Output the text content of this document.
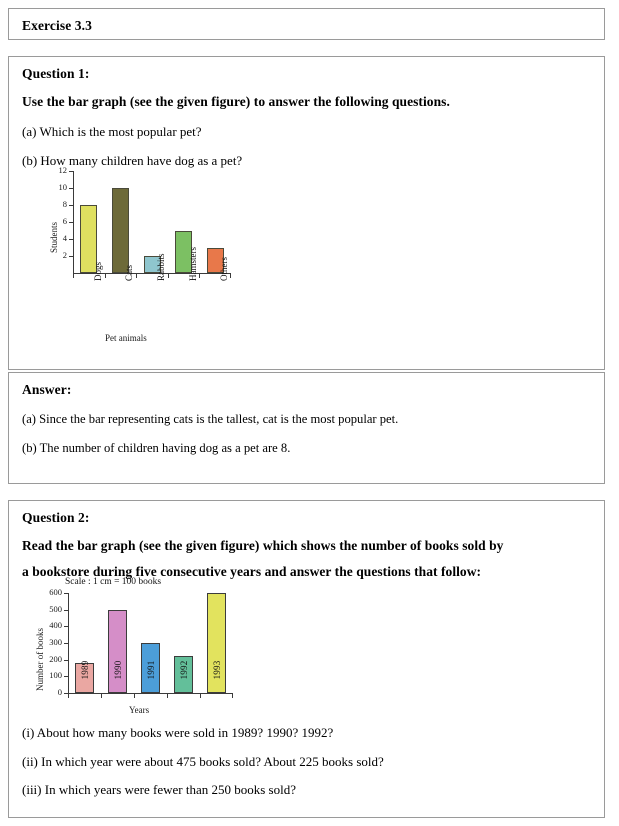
Exercise 3.3
Question 1:
Use the bar graph (see the given figure) to answer the following questions.
(a) Which is the most popular pet?
(b) How many children have dog as a pet?
2
4
6
8
10
12
Dogs Cats Rabbits Hamsters Others
Students
Pet animals
Answer:
(a) Since the bar representing cats is the tallest, cat is the most popular pet.
(b) The number of children having dog as a pet are 8.
Question 2:
Read the bar graph (see the given figure) which shows the number of books sold by
a bookstore during five consecutive years and answer the questions that follow:
Scale : 1 cm = 100 books
0
100
200
300
400
500
600
1989	1990	1991	1992	1993
Number of books
Years
(i) About how many books were sold in 1989? 1990? 1992?
(ii) In which year were about 475 books sold? About 225 books sold?
(iii) In which years were fewer than 250 books sold?
